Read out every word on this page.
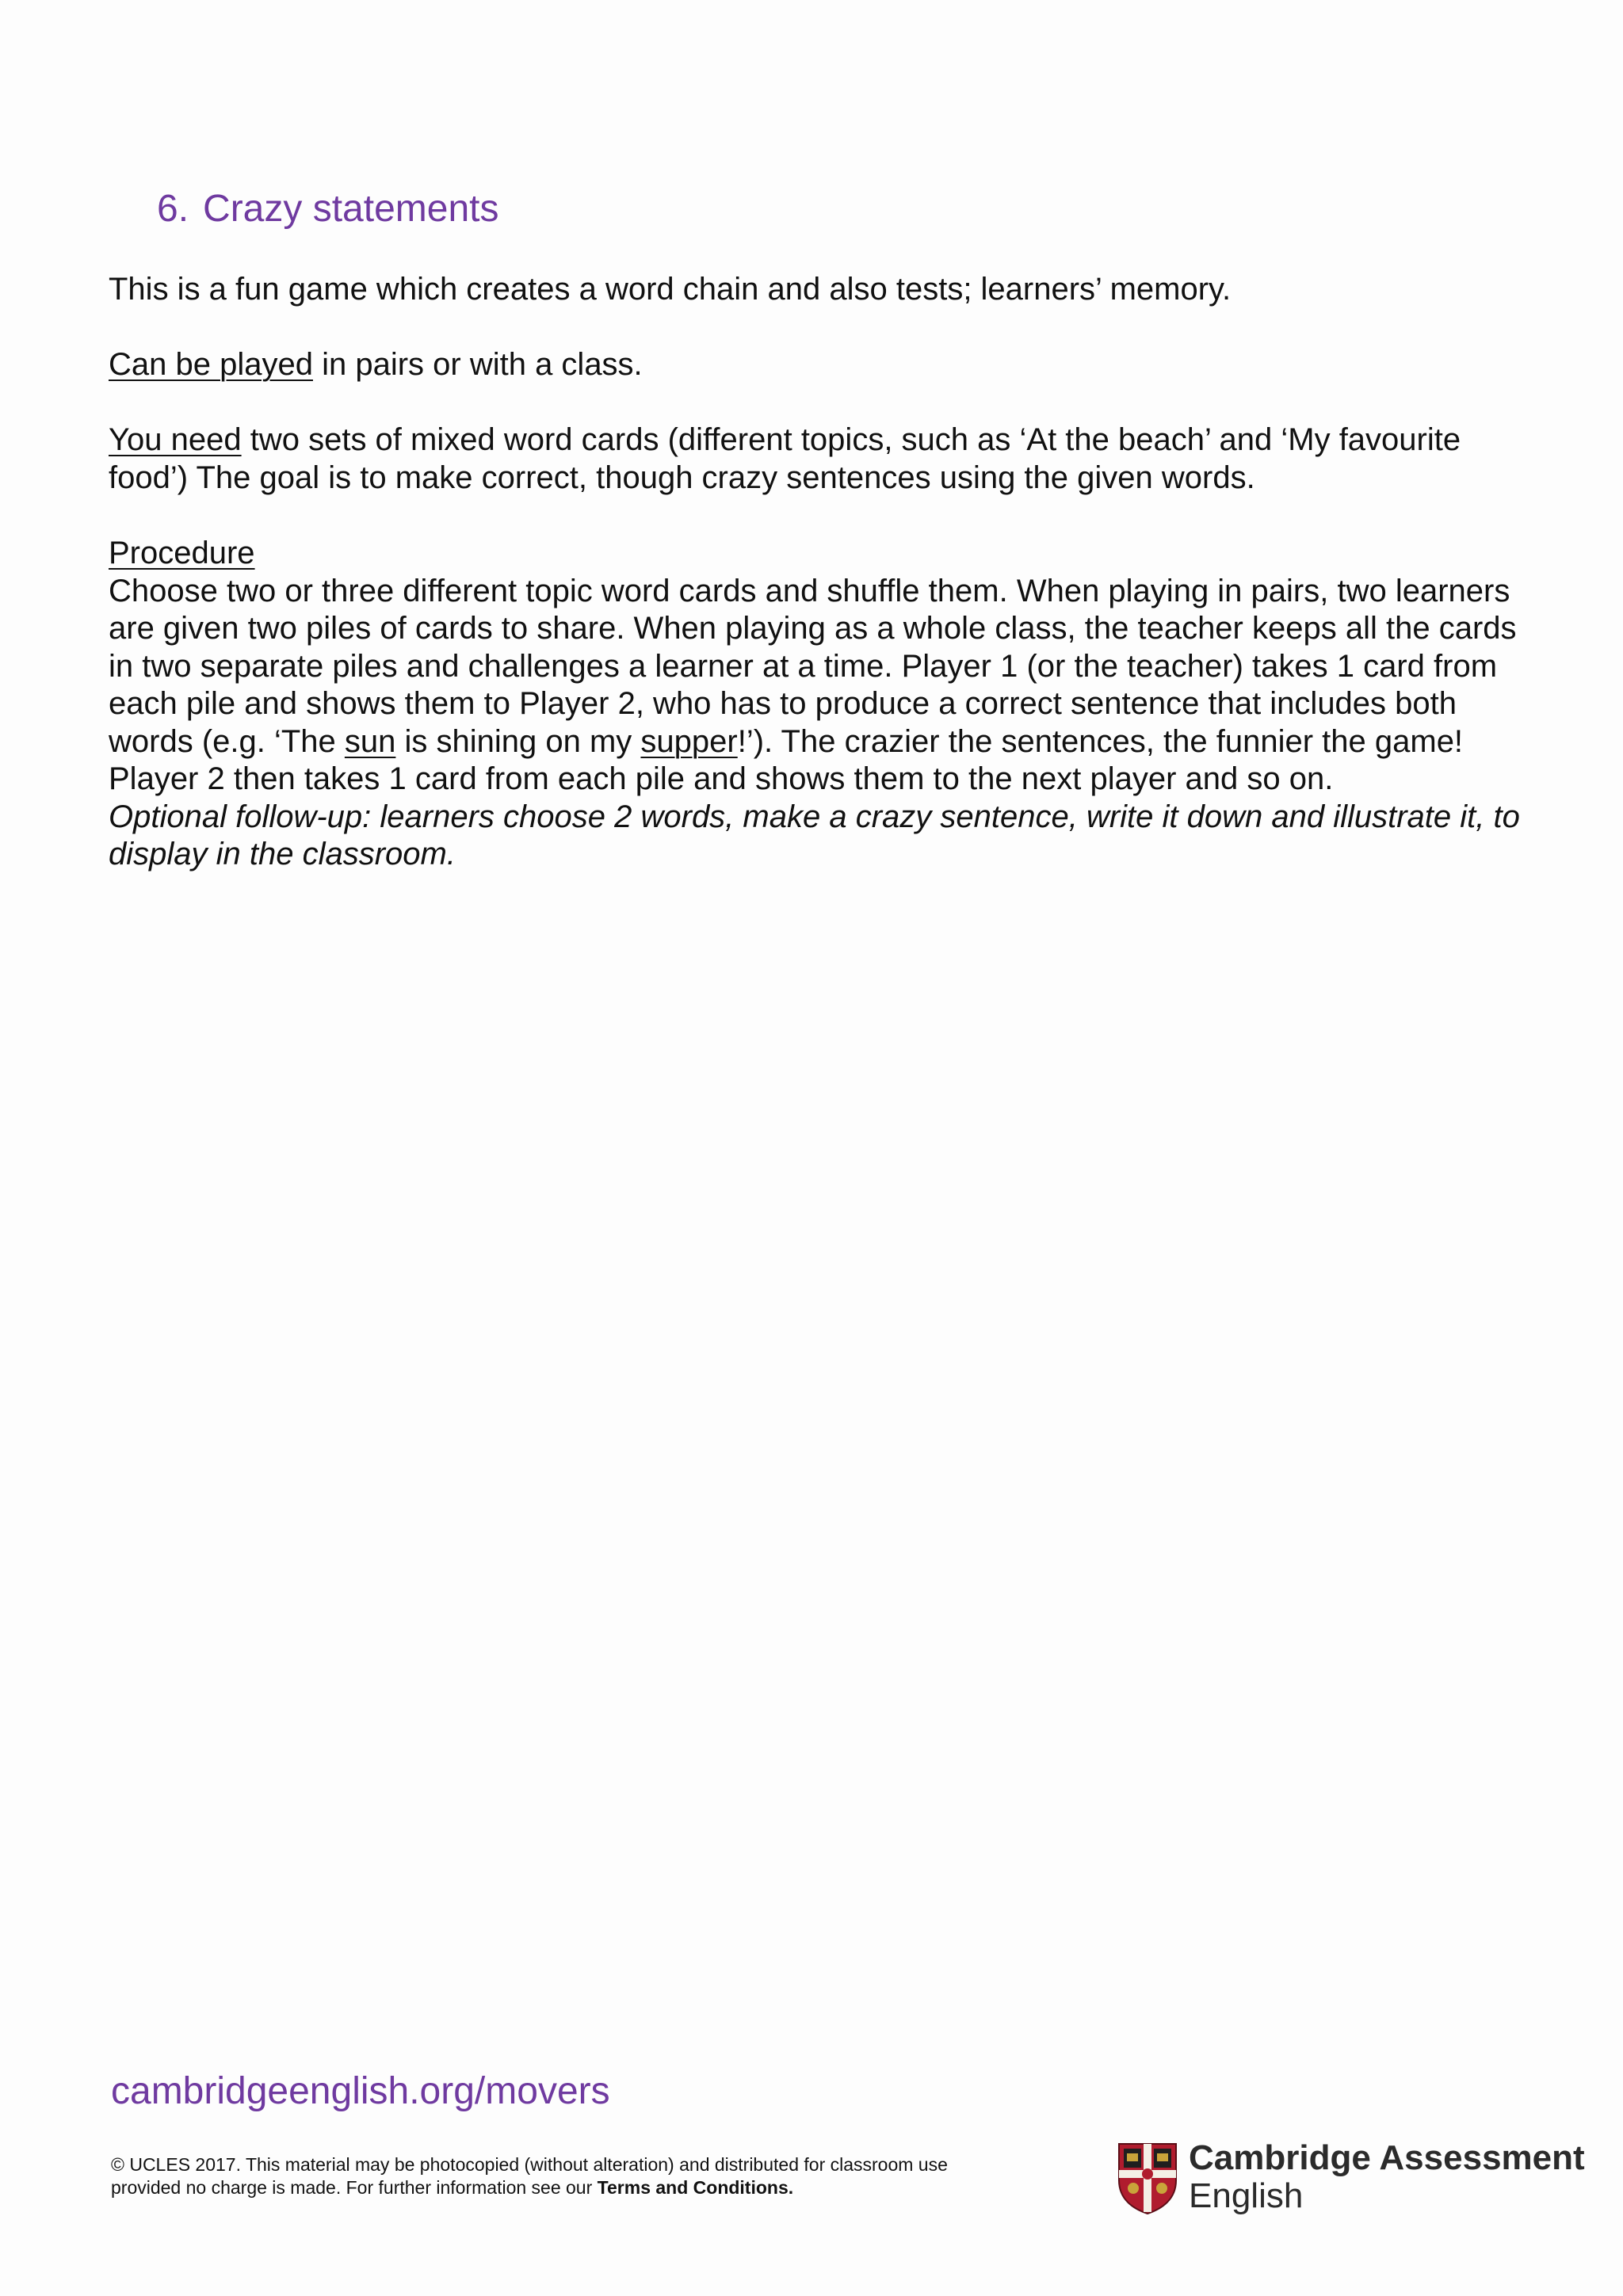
6. Crazy statements

This is a fun game which creates a word chain and also tests; learners’ memory.

Can be played in pairs or with a class.

You need two sets of mixed word cards (different topics, such as ‘At the beach’ and ‘My favourite food’) The goal is to make correct, though crazy sentences using the given words.

Procedure
Choose two or three different topic word cards and shuffle them. When playing in pairs, two learners are given two piles of cards to share. When playing as a whole class, the teacher keeps all the cards in two separate piles and challenges a learner at a time. Player 1 (or the teacher) takes 1 card from each pile and shows them to Player 2, who has to produce a correct sentence that includes both words (e.g. ‘The sun is shining on my supper!’). The crazier the sentences, the funnier the game! Player 2 then takes 1 card from each pile and shows them to the next player and so on.
Optional follow-up: learners choose 2 words, make a crazy sentence, write it down and illustrate it, to display in the classroom.
cambridgeenglish.org/movers
© UCLES 2017. This material may be photocopied (without alteration) and distributed for classroom use provided no charge is made. For further information see our Terms and Conditions.
Cambridge Assessment
English
